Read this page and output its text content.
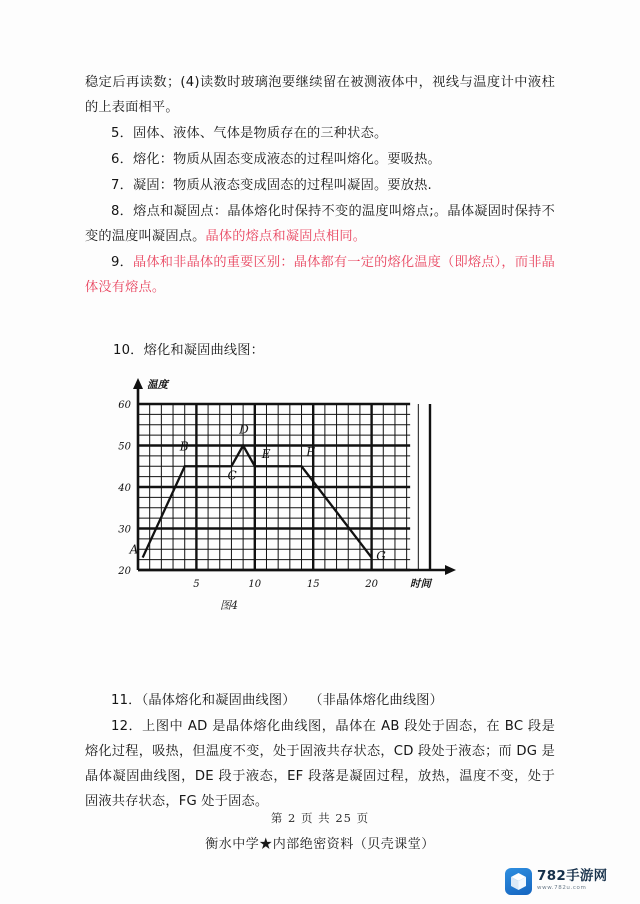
稳定后再读数；(4)读数时玻璃泡要继续留在被测液体中，视线与温度计中液柱的上表面相平。

5．固体、液体、气体是物质存在的三种状态。

6．熔化：物质从固态变成液态的过程叫熔化。要吸热。

7．凝固：物质从液态变成固态的过程叫凝固。要放热.

8．熔点和凝固点：晶体熔化时保持不变的温度叫熔点;。晶体凝固时保持不变的温度叫凝固点。晶体的熔点和凝固点相同。

9．晶体和非晶体的重要区别：晶体都有一定的熔化温度（即熔点），而非晶体没有熔点。

10．熔化和凝固曲线图：
20
30
40
50
60
5	10	15	20
温度
时间
A
B
C
D
E	F
G
图4

11．（晶体熔化和凝固曲线图）　　（非晶体熔化曲线图）

12．上图中 AD 是晶体熔化曲线图，晶体在 AB 段处于固态，在 BC 段是熔化过程，吸热，但温度不变，处于固液共存状态，CD 段处于液态；而 DG 是晶体凝固曲线图，DE 段于液态，EF 段落是凝固过程，放热，温度不变，处于固液共存状态，FG 处于固态。

第 2 页 共 25 页
衡水中学★内部绝密资料（贝壳课堂）
782手游网
www.782u.com
